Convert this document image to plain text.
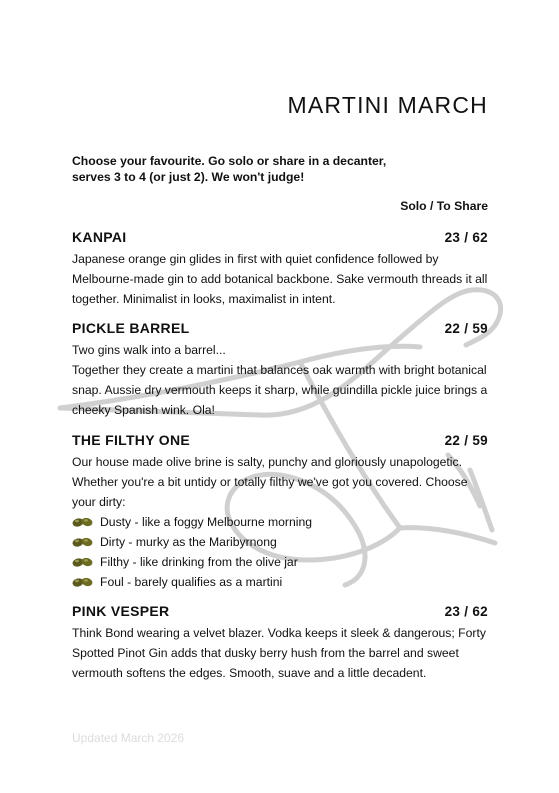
MARTINI MARCH

Choose your favourite. Go solo or share in a decanter, serves 3 to 4 (or just 2). We won't judge!

Solo / To Share

KANPAI	23 / 62

Japanese orange gin glides in first with quiet confidence followed by Melbourne-made gin to add botanical backbone. Sake vermouth threads it all together. Minimalist in looks, maximalist in intent.

PICKLE BARREL	22 / 59

Two gins walk into a barrel...

Together they create a martini that balances oak warmth with bright botanical snap. Aussie dry vermouth keeps it sharp, while guindilla pickle juice brings a cheeky Spanish wink. Ola!

THE FILTHY ONE	22 / 59

Our house made olive brine is salty, punchy and gloriously unapologetic. Whether you're a bit untidy or totally filthy we've got you covered. Choose your dirty:

Dusty - like a foggy Melbourne morning
Dirty - murky as the Maribyrnong
Filthy - like drinking from the olive jar
Foul - barely qualifies as a martini
PINK VESPER	23 / 62

Think Bond wearing a velvet blazer. Vodka keeps it sleek & dangerous; Forty Spotted Pinot Gin adds that dusky berry hush from the barrel and sweet vermouth softens the edges. Smooth, suave and a little decadent.

Updated March 2026
